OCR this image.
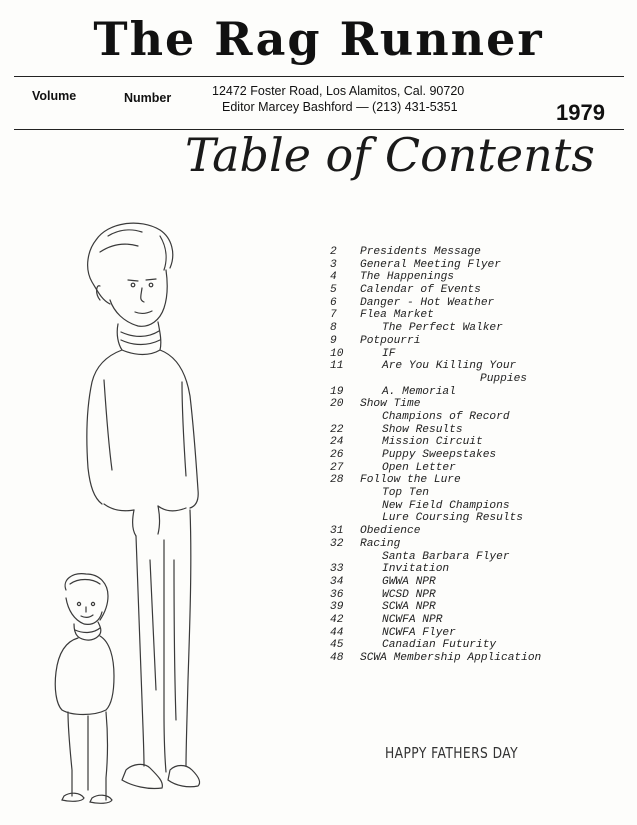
The Rag Runner
Volume	Number	12472 Foster Road, Los Alamitos, Cal. 90720
Editor Marcey Bashford — (213) 431-5351	1979
Table of Contents
2 Presidents Message
3 General Meeting Flyer
4 The Happenings
5 Calendar of Events
6 Danger - Hot Weather
7 Flea Market
8	The Perfect Walker
9 Potpourri
10	IF
11	Are You Killing Your
Puppies
19	A. Memorial
20 Show Time
Champions of Record
22	Show Results
24	Mission Circuit
26	Puppy Sweepstakes
27	Open Letter
28 Follow the Lure
Top Ten
New Field Champions
Lure Coursing Results
31 Obedience
32 Racing
Santa Barbara Flyer
33	Invitation
34	GWWA NPR
36	WCSD NPR
39	SCWA NPR
42	NCWFA NPR
44	NCWFA Flyer
45	Canadian Futurity
48 SCWA Membership Application
HAPPY FATHERS DAY
